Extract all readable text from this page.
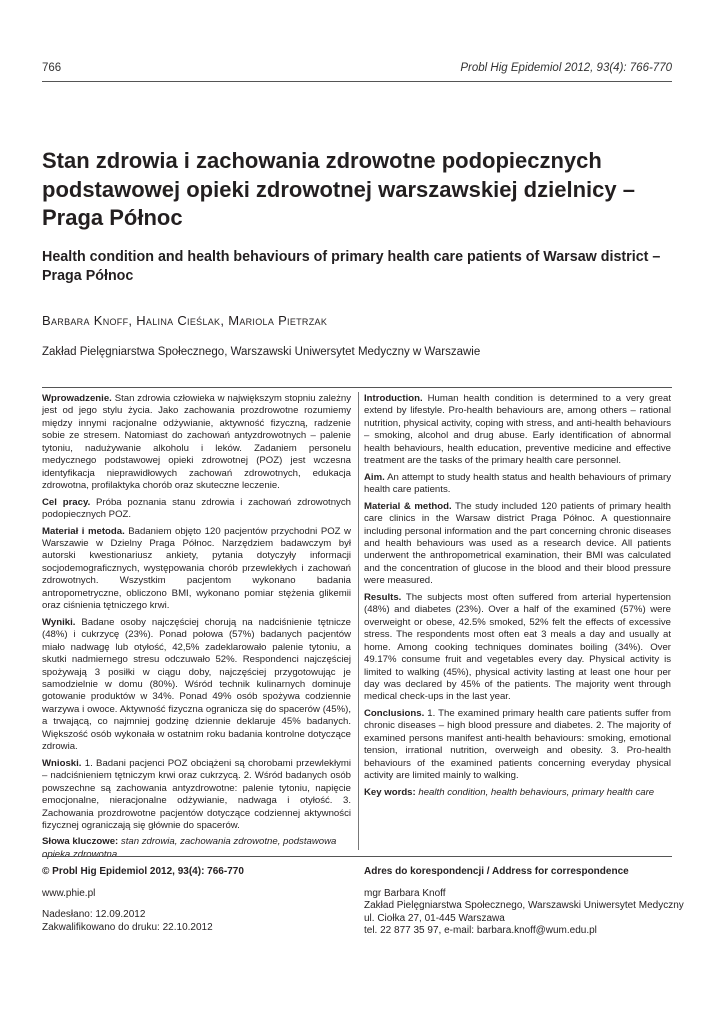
766	Probl Hig Epidemiol 2012, 93(4): 766-770
Stan zdrowia i zachowania zdrowotne podopiecznych podstawowej opieki zdrowotnej warszawskiej dzielnicy – Praga Północ
Health condition and health behaviours of primary health care patients of Warsaw district – Praga Północ
Barbara Knoff, Halina Cieślak, Mariola Pietrzak
Zakład Pielęgniarstwa Społecznego, Warszawski Uniwersytet Medyczny w Warszawie

Wprowadzenie. Stan zdrowia człowieka w największym stopniu zależny jest od jego stylu życia. Jako zachowania prozdrowotne rozumiemy między innymi racjonalne odżywianie, aktywność fizyczną, radzenie sobie ze stresem. Natomiast do zachowań antyzdrowotnych – palenie tytoniu, nadużywanie alkoholu i leków. Zadaniem personelu medycznego podstawowej opieki zdrowotnej (POZ) jest wczesna identyfikacja nieprawidłowych zachowań zdrowotnych, edukacja zdrowotna, profilaktyka chorób oraz skuteczne leczenie.

Cel pracy. Próba poznania stanu zdrowia i zachowań zdrowotnych podopiecznych POZ.

Materiał i metoda. Badaniem objęto 120 pacjentów przychodni POZ w Warszawie w Dzielny Praga Północ. Narzędziem badawczym był autorski kwestionariusz ankiety, pytania dotyczyły informacji socjodemograficznych, występowania chorób przewlekłych i zachowań zdrowotnych. Wszystkim pacjentom wykonano badania antropometryczne, obliczono BMI, wykonano pomiar stężenia glikemii oraz ciśnienia tętniczego krwi.

Wyniki. Badane osoby najczęściej chorują na nadciśnienie tętnicze (48%) i cukrzycę (23%). Ponad połowa (57%) badanych pacjentów miało nadwagę lub otyłość, 42,5% zadeklarowało palenie tytoniu, a skutki nadmiernego stresu odczuwało 52%. Respondenci najczęściej spożywają 3 posiłki w ciągu doby, najczęściej przygotowując je samodzielnie w domu (80%). Wśród technik kulinarnych dominuje gotowanie produktów w 34%. Ponad 49% osób spożywa codziennie warzywa i owoce. Aktywność fizyczna ogranicza się do spacerów (45%), a trwającą, co najmniej godzinę dziennie deklaruje 45% badanych. Większość osób wykonała w ostatnim roku badania kontrolne dotyczące zdrowia.

Wnioski. 1. Badani pacjenci POZ obciążeni są chorobami przewlekłymi – nadciśnieniem tętniczym krwi oraz cukrzycą. 2. Wśród badanych osób powszechne są zachowania antyzdrowotne: palenie tytoniu, napięcie emocjonalne, nieracjonalne odżywianie, nadwaga i otyłość. 3. Zachowania prozdrowotne pacjentów dotyczące codziennej aktywności fizycznej ograniczają się głównie do spacerów.

Słowa kluczowe: stan zdrowia, zachowania zdrowotne, podstawowa opieka zdrowotna

Introduction. Human health condition is determined to a very great extend by lifestyle. Pro-health behaviours are, among others – rational nutrition, physical activity, coping with stress, and anti-health behaviours – smoking, alcohol and drug abuse. Early identification of abnormal health behaviours, health education, preventive medicine and effective treatment are the tasks of the primary health care personnel.

Aim. An attempt to study health status and health behaviours of primary health care patients.

Material & method. The study included 120 patients of primary health care clinics in the Warsaw district Praga Północ. A questionnaire including personal information and the part concerning chronic diseases and health behaviours was used as a research device. All patients underwent the anthropometrical examination, their BMI was calculated and the concentration of glucose in the blood and their blood pressure were measured.

Results. The subjects most often suffered from arterial hypertension (48%) and diabetes (23%). Over a half of the examined (57%) were overweight or obese, 42.5% smoked, 52% felt the effects of excessive stress. The respondents most often eat 3 meals a day and usually at home. Among cooking techniques dominates boiling (34%). Over 49.17% consume fruit and vegetables every day. Physical activity is limited to walking (45%), physical activity lasting at least one hour per day was declared by 45% of the patients. The majority went through medical check-ups in the last year.

Conclusions. 1. The examined primary health care patients suffer from chronic diseases – high blood pressure and diabetes. 2. The majority of examined persons manifest anti-health behaviours: smoking, emotional tension, irrational nutrition, overweigh and obesity. 3. Pro-health behaviours of the examined patients concerning everyday physical activity are limited mainly to walking.

Key words: health condition, health behaviours, primary health care

© Probl Hig Epidemiol 2012, 93(4): 766-770
www.phie.pl
Nadesłano: 12.09.2012
Zakwalifikowano do druku: 22.10.2012
Adres do korespondencji / Address for correspondence
mgr Barbara Knoff
Zakład Pielęgniarstwa Społecznego, Warszawski Uniwersytet Medyczny
ul. Ciołka 27, 01-445 Warszawa
tel. 22 877 35 97, e-mail: barbara.knoff@wum.edu.pl
